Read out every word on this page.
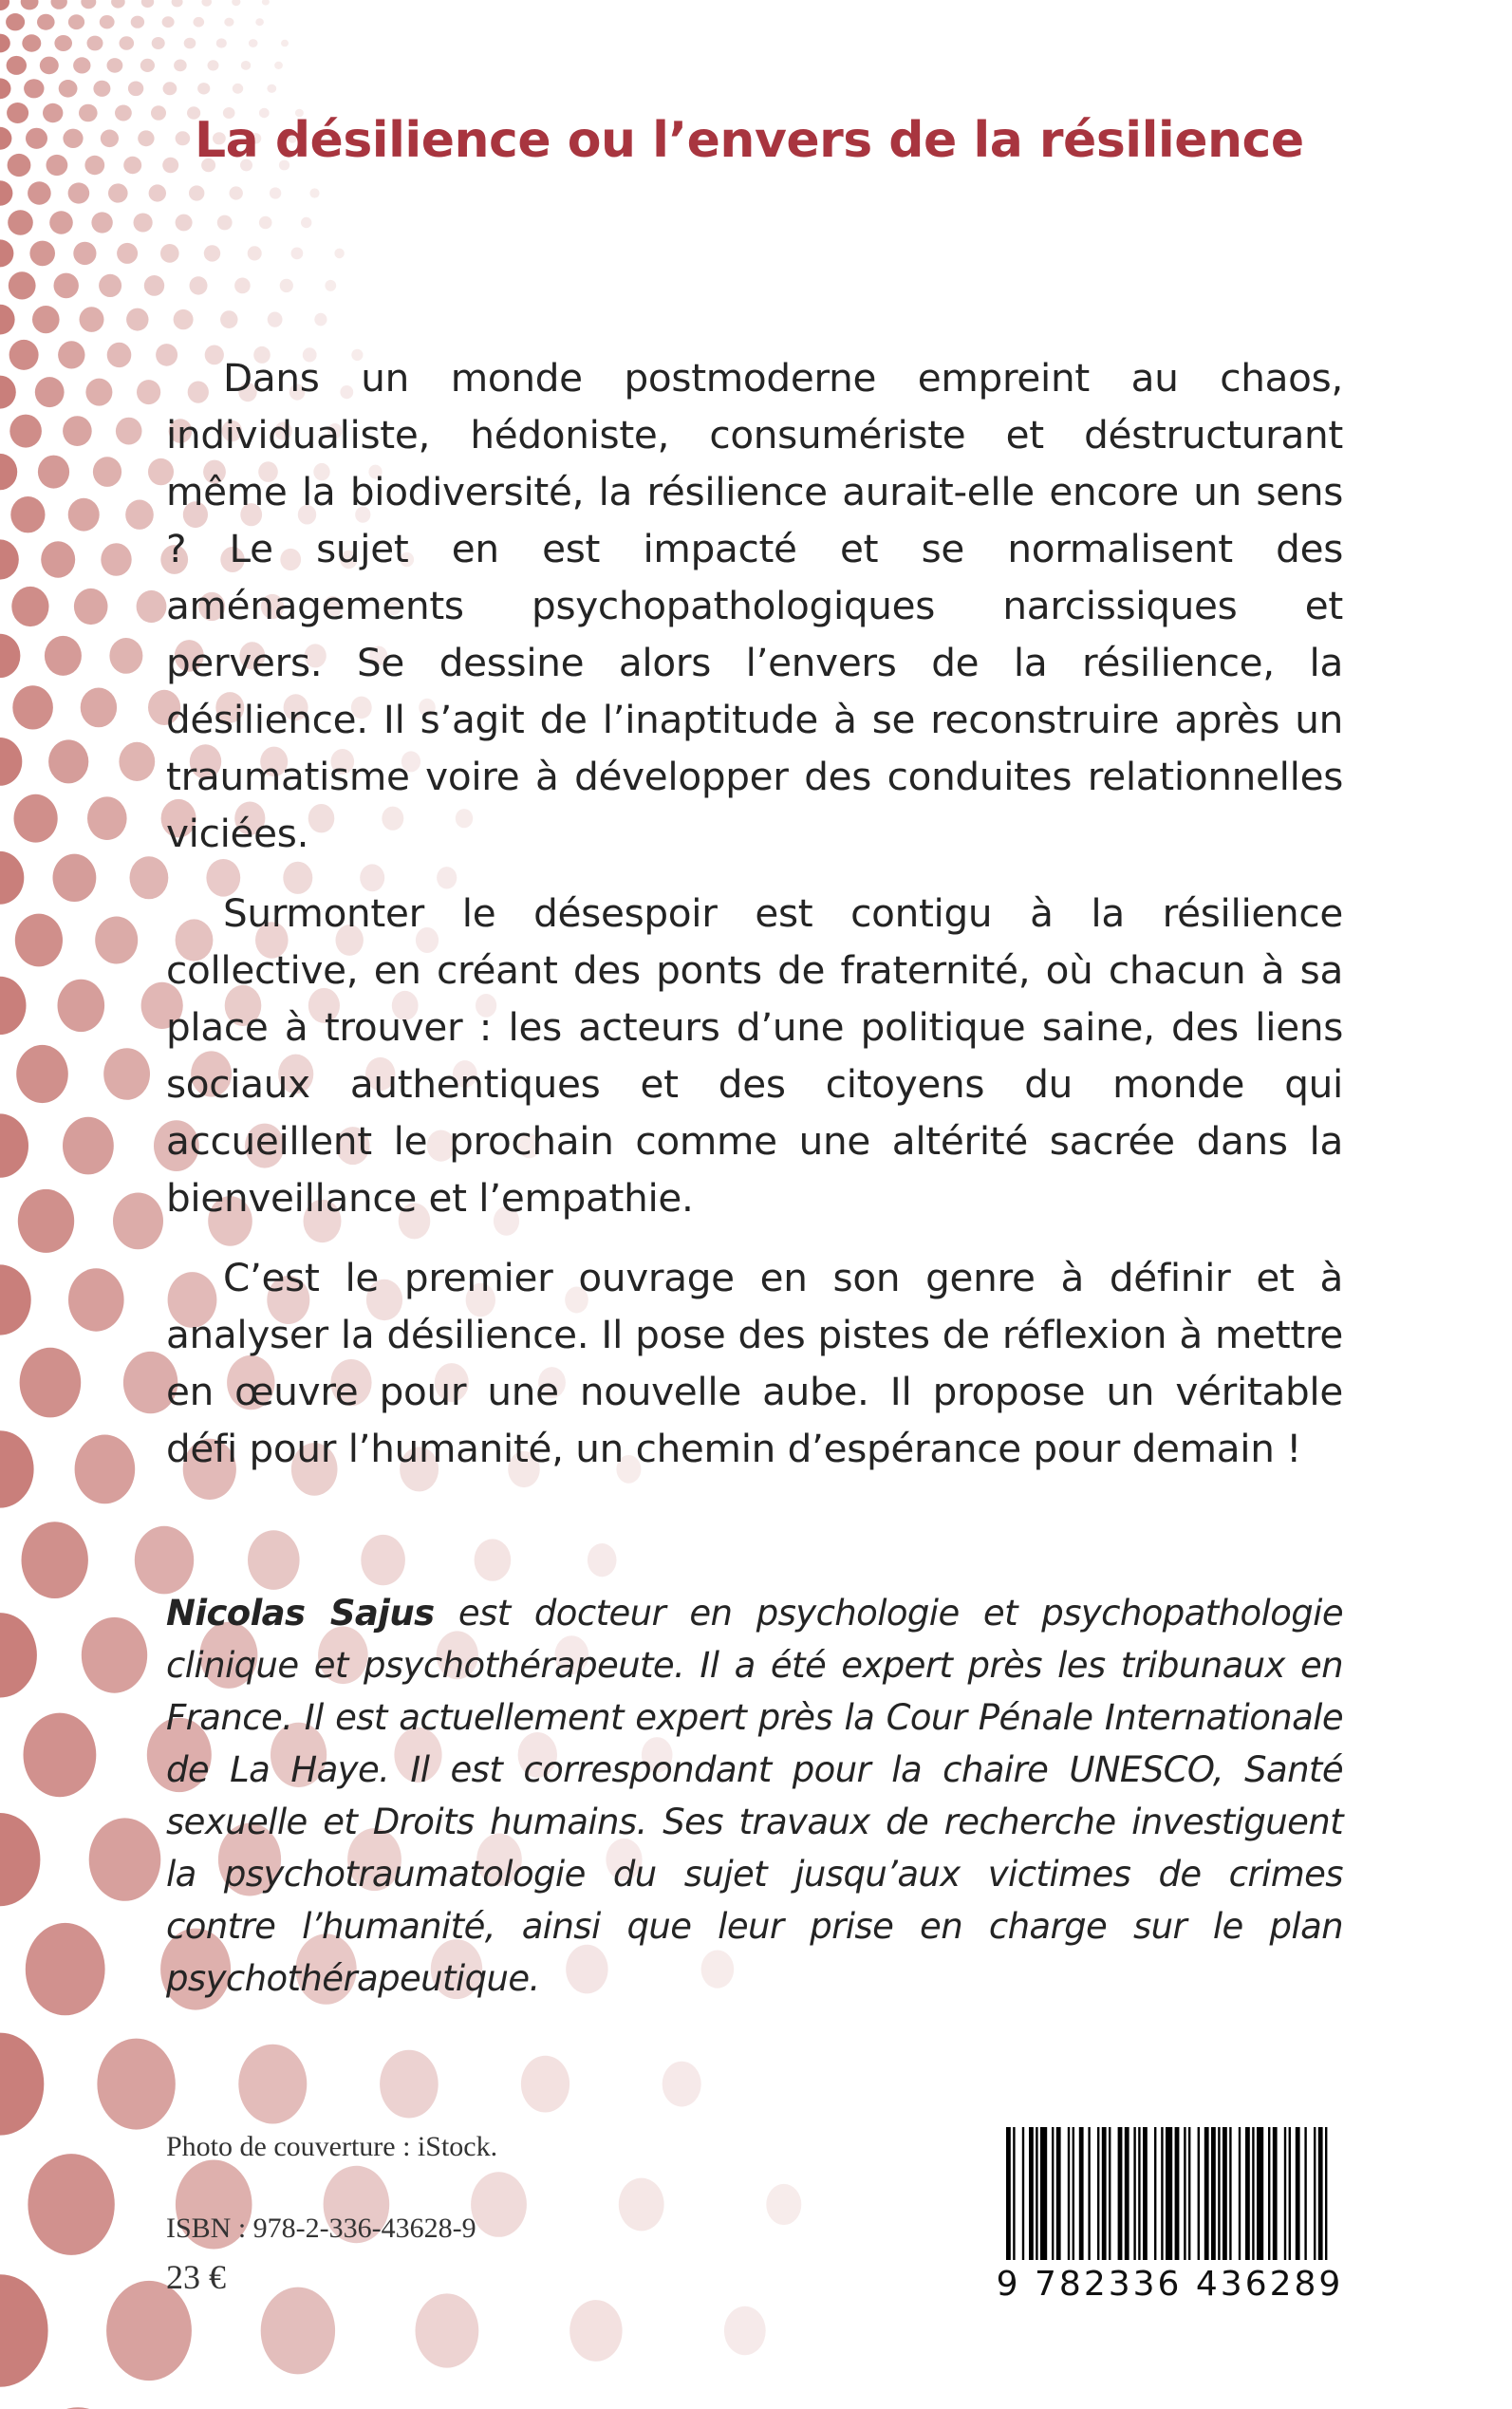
La désilience ou l’envers de la résilience

Dans un monde postmoderne empreint au chaos, individualiste, hédoniste, consumériste et déstructurant même la biodiversité, la résilience aurait-elle encore un sens ? Le sujet en est impacté et se normalisent des aménagements psychopathologiques narcissiques et pervers. Se dessine alors l’envers de la résilience, la désilience. Il s’agit de l’inaptitude à se reconstruire après un traumatisme voire à développer des conduites relationnelles viciées.

Surmonter le désespoir est contigu à la résilience collective, en créant des ponts de fraternité, où chacun à sa place à trouver : les acteurs d’une politique saine, des liens sociaux authentiques et des citoyens du monde qui accueillent le prochain comme une altérité sacrée dans la bienveillance et l’empathie.

C’est le premier ouvrage en son genre à définir et à analyser la désilience. Il pose des pistes de réflexion à mettre en œuvre pour une nouvelle aube. Il propose un véritable défi pour l’humanité, un chemin d’espérance pour demain !

Nicolas Sajus est docteur en psychologie et psychopathologie clinique et psychothérapeute. Il a été expert près les tribunaux en France. Il est actuellement expert près la Cour Pénale Internationale de La Haye. Il est correspondant pour la chaire UNESCO, Santé sexuelle et Droits humains. Ses travaux de recherche investiguent la psychotraumatologie du sujet jusqu’aux victimes de crimes contre l’humanité, ainsi que leur prise en charge sur le plan psychothérapeutique.

Photo de couverture : iStock.

ISBN : 978-2-336-43628-9

23 €	9 782336 436289
